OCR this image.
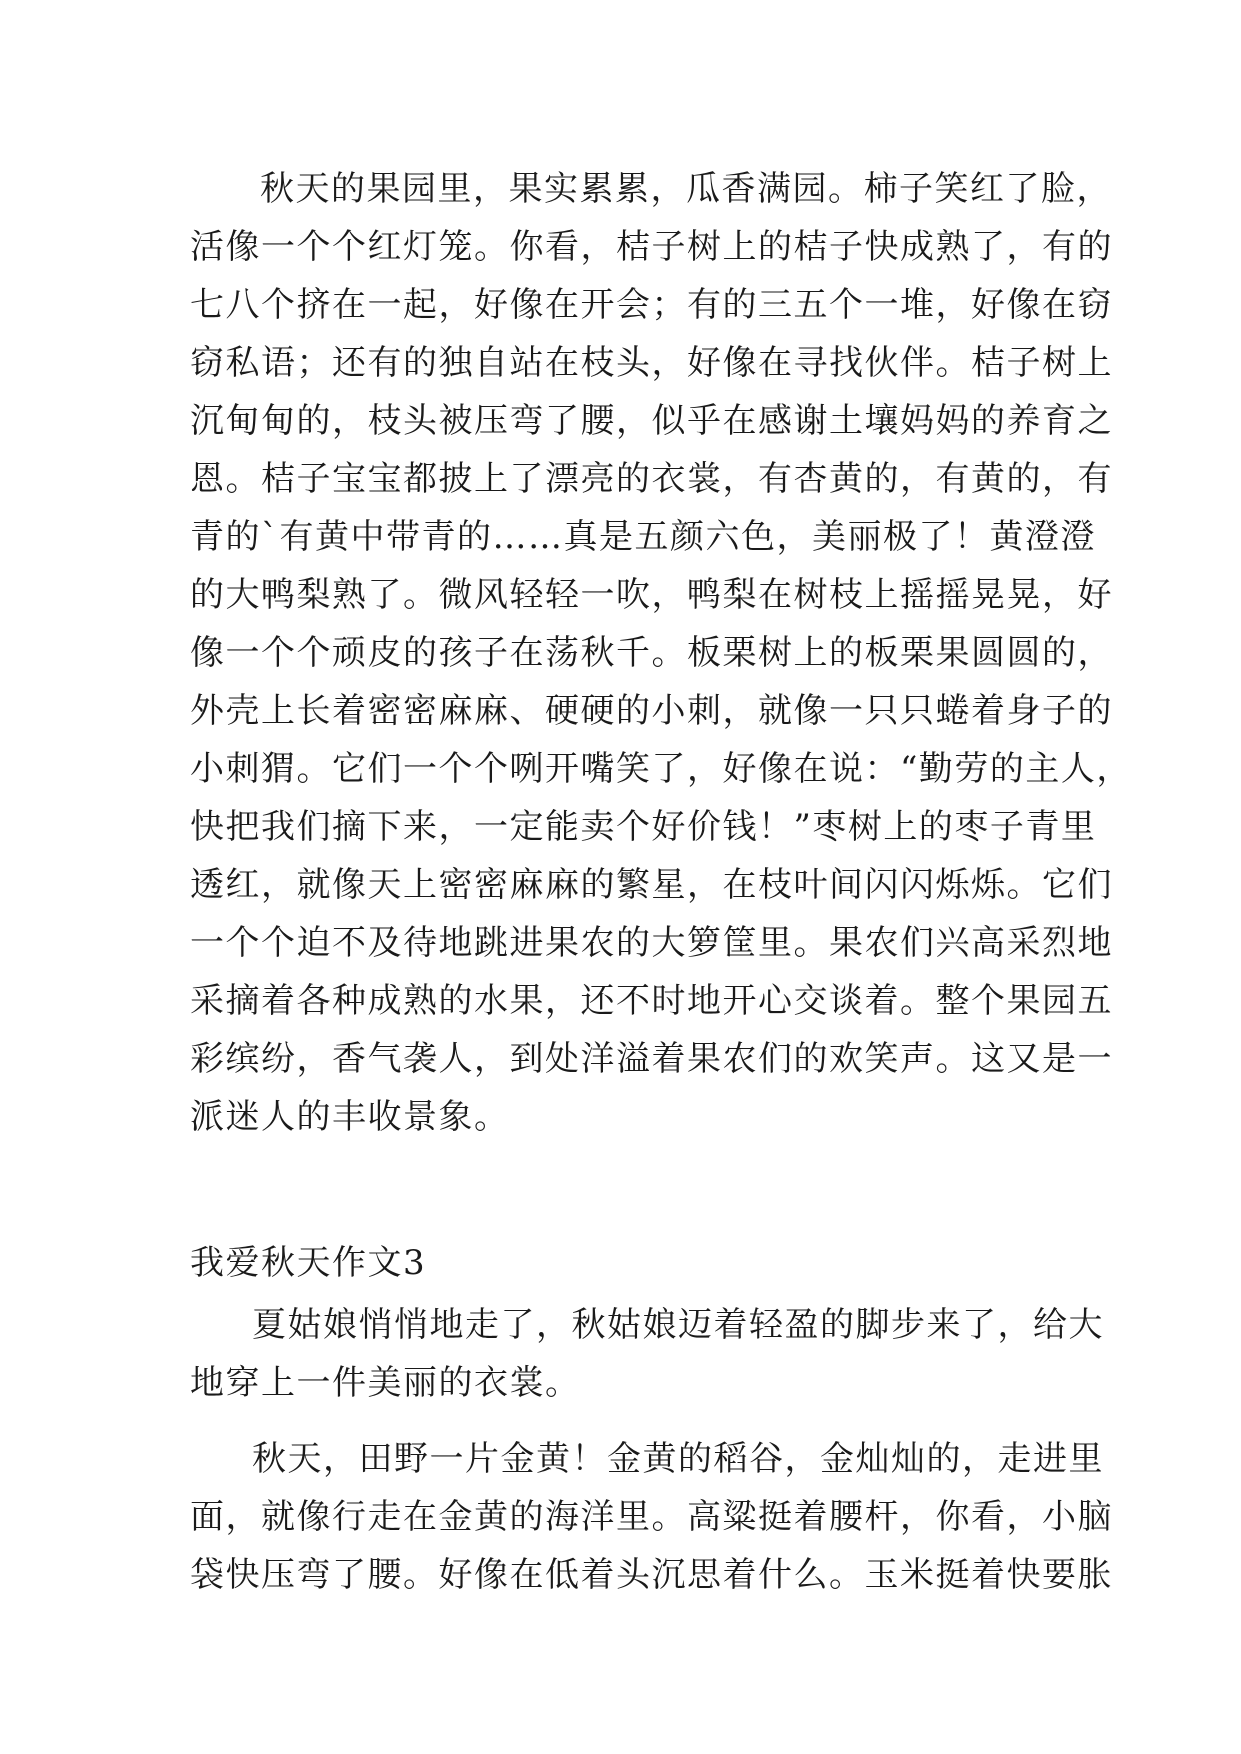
秋天的果园里，果实累累，瓜香满园。柿子笑红了脸，
活像一个个红灯笼。你看，桔子树上的桔子快成熟了，有的
七八个挤在一起，好像在开会；有的三五个一堆，好像在窃
窃私语；还有的独自站在枝头，好像在寻找伙伴。桔子树上
沉甸甸的，枝头被压弯了腰，似乎在感谢土壤妈妈的养育之
恩。桔子宝宝都披上了漂亮的衣裳，有杏黄的，有黄的，有
青的`有黄中带青的……真是五颜六色，美丽极了！黄澄澄
的大鸭梨熟了。微风轻轻一吹，鸭梨在树枝上摇摇晃晃，好
像一个个顽皮的孩子在荡秋千。板栗树上的板栗果圆圆的，
外壳上长着密密麻麻、硬硬的小刺，就像一只只蜷着身子的
小刺猬。它们一个个咧开嘴笑了，好像在说：“勤劳的主人，
快把我们摘下来，一定能卖个好价钱！”枣树上的枣子青里
透红，就像天上密密麻麻的繁星，在枝叶间闪闪烁烁。它们
一个个迫不及待地跳进果农的大箩筐里。果农们兴高采烈地
采摘着各种成熟的水果，还不时地开心交谈着。整个果园五
彩缤纷，香气袭人，到处洋溢着果农们的欢笑声。这又是一
派迷人的丰收景象。
我爱秋天作文3
夏姑娘悄悄地走了，秋姑娘迈着轻盈的脚步来了，给大
地穿上一件美丽的衣裳。
秋天，田野一片金黄！金黄的稻谷，金灿灿的，走进里
面，就像行走在金黄的海洋里。高粱挺着腰杆，你看，小脑
袋快压弯了腰。好像在低着头沉思着什么。玉米挺着快要胀
